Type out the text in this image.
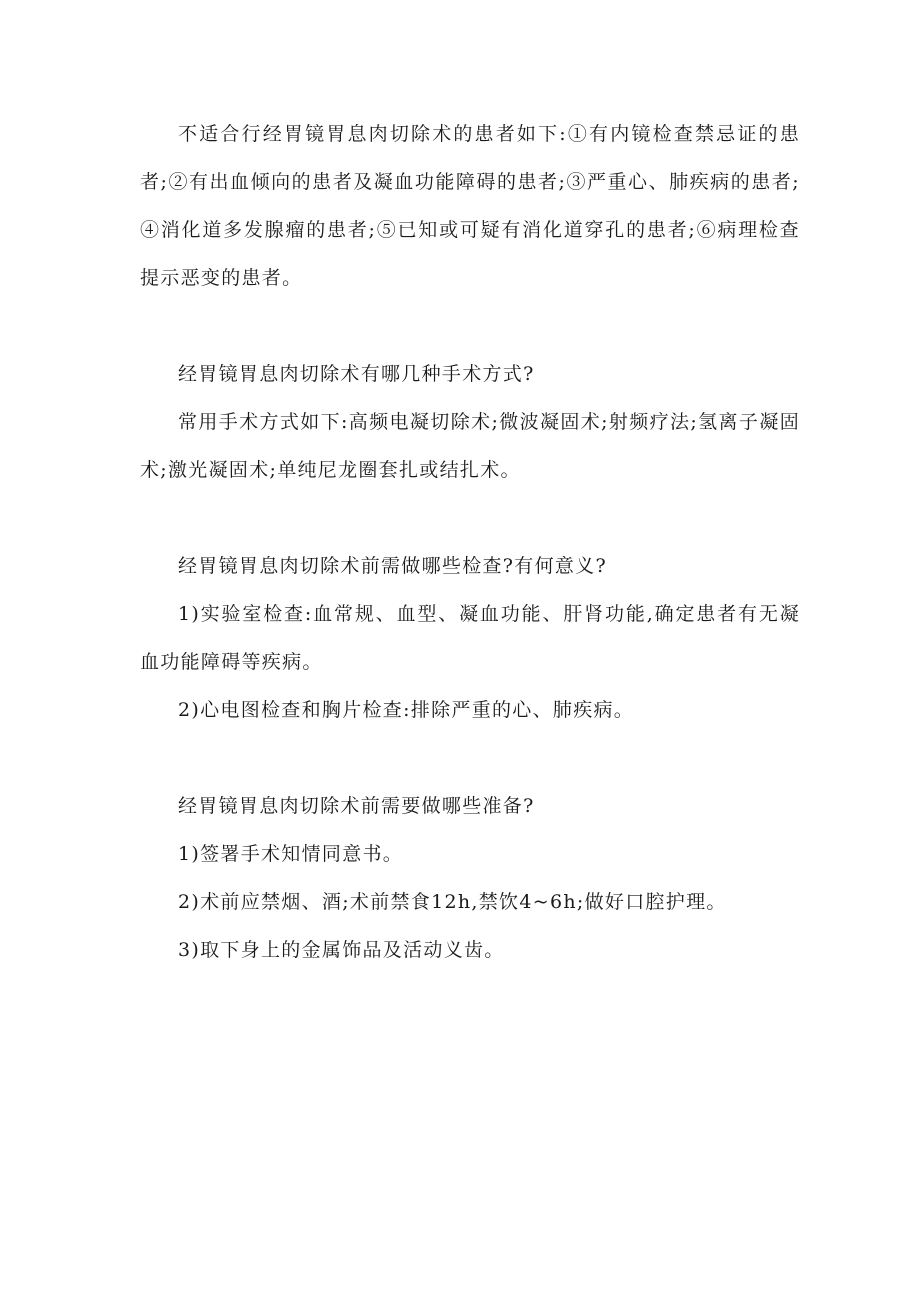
不适合行经胃镜胃息肉切除术的患者如下:①有内镜检查禁忌证的患者;②有出血倾向的患者及凝血功能障碍的患者;③严重心、肺疾病的患者;④消化道多发腺瘤的患者;⑤已知或可疑有消化道穿孔的患者;⑥病理检查提示恶变的患者。

经胃镜胃息肉切除术有哪几种手术方式?

常用手术方式如下:高频电凝切除术;微波凝固术;射频疗法;氢离子凝固术;激光凝固术;单纯尼龙圈套扎或结扎术。

经胃镜胃息肉切除术前需做哪些检查?有何意义?

1)实验室检查:血常规、血型、凝血功能、肝肾功能,确定患者有无凝血功能障碍等疾病。

2)心电图检查和胸片检查:排除严重的心、肺疾病。

经胃镜胃息肉切除术前需要做哪些准备?

1)签署手术知情同意书。

2)术前应禁烟、酒;术前禁食12h,禁饮4~6h;做好口腔护理。

3)取下身上的金属饰品及活动义齿。
